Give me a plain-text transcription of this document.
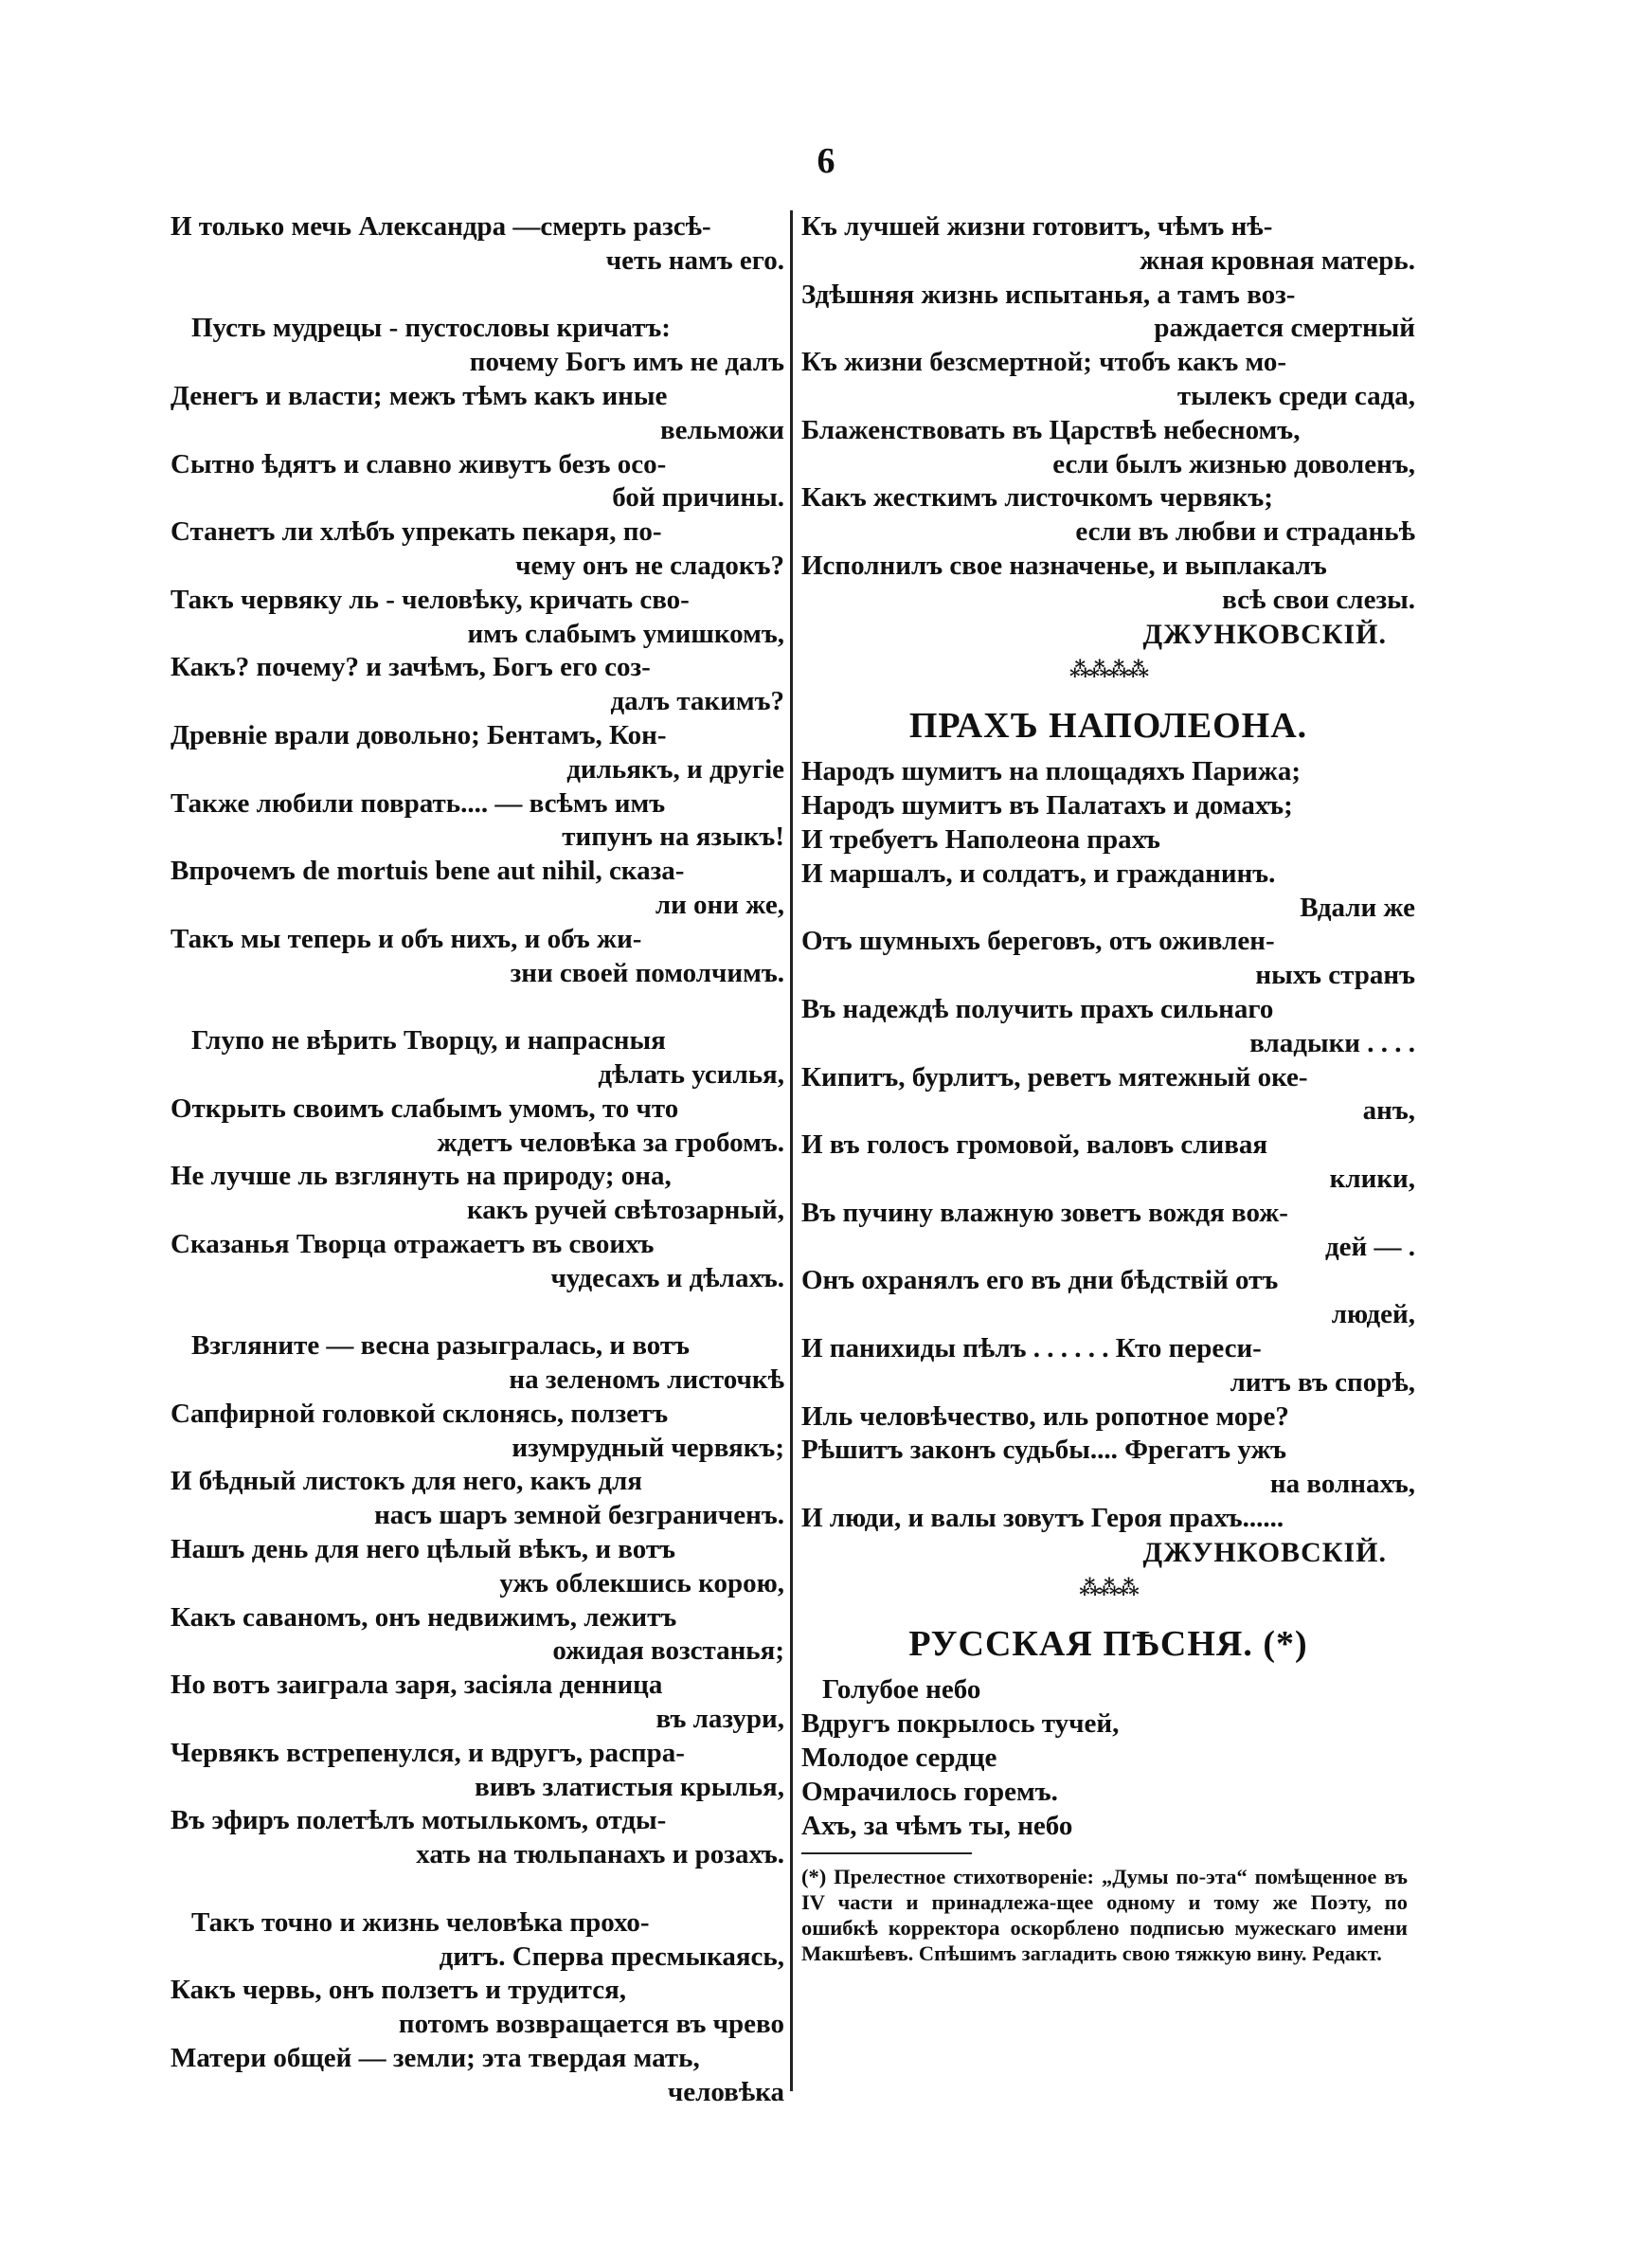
6
И только мечь Александра —смерть разсѣ-
четь намъ его.
Пусть мудрецы - пустословы кричатъ:
почему Богъ имъ не далъ
Денегъ и власти; межъ тѣмъ какъ иные
вельможи
Сытно ѣдятъ и славно живутъ безъ осо-
бой причины.
Станетъ ли хлѣбъ упрекать пекаря, по-
чему онъ не сладокъ?
Такъ червяку ль - человѣку, кричать сво-
имъ слабымъ умишкомъ,
Какъ? почему? и зачѣмъ, Богъ его соз-
далъ такимъ?
Древніе врали довольно; Бентамъ, Кон-
дильякъ, и другіе
Также любили поврать.... — всѣмъ имъ
типунъ на языкъ!
Впрочемъ de mortuis bene aut nihil, сказа-
ли они же,
Такъ мы теперь и объ нихъ, и объ жи-
зни своей помолчимъ.
Глупо не вѣрить Творцу, и напрасныя
дѣлать усилья,
Открыть своимъ слабымъ умомъ, то что
ждетъ человѣка за гробомъ.
Не лучше ль взглянуть на природу; она,
какъ ручей свѣтозарный,
Сказанья Творца отражаетъ въ своихъ
чудесахъ и дѣлахъ.
Взгляните — весна разыгралась, и вотъ
на зеленомъ листочкѣ
Сапфирной головкой склонясь, ползетъ
изумрудный червякъ;
И бѣдный листокъ для него, какъ для
насъ шаръ земной безграниченъ.
Нашъ день для него цѣлый вѣкъ, и вотъ
ужъ облекшись корою,
Какъ саваномъ, онъ недвижимъ, лежитъ
ожидая возстанья;
Но вотъ заиграла заря, засіяла денница
въ лазури,
Червякъ встрепенулся, и вдругъ, распра-
вивъ златистыя крылья,
Въ эфиръ полетѣлъ мотылькомъ, отды-
хать на тюльпанахъ и розахъ.
Такъ точно и жизнь человѣка прохо-
дитъ. Сперва пресмыкаясь,
Какъ червь, онъ ползетъ и трудится,
потомъ возвращается въ чрево
Матери общей — земли; эта твердая мать,
человѣка
Къ лучшей жизни готовитъ, чѣмъ нѣ-
жная кровная матерь.
Здѣшняя жизнь испытанья, а тамъ воз-
раждается смертный
Къ жизни безсмертной; чтобъ какъ мо-
тылекъ среди сада,
Блаженствовать въ Царствѣ небесномъ,
если былъ жизнью доволенъ,
Какъ жесткимъ листочкомъ червякъ;
если въ любви и страданьѣ
Исполнилъ свое назначенье, и выплакалъ
всѣ свои слезы.
ДЖУНКОВСКІЙ.
⁂⁂⁂⁂
ПРАХЪ НАПОЛЕОНА.
Народъ шумитъ на площадяхъ Парижа;
Народъ шумитъ въ Палатахъ и домахъ;
И требуетъ Наполеона прахъ
И маршалъ, и солдатъ, и гражданинъ.
Вдали же
Отъ шумныхъ береговъ, отъ оживлен-
ныхъ странъ
Въ надеждѣ получить прахъ сильнаго
владыки . . . .
Кипитъ, бурлитъ, реветъ мятежный оке-
анъ,
И въ голосъ громовой, валовъ сливая
клики,
Въ пучину влажную зоветъ вождя вож-
дей — .
Онъ охранялъ его въ дни бѣдствій отъ
людей,
И панихиды пѣлъ . . . . . . Кто переси-
литъ въ спорѣ,
Иль человѣчество, иль ропотное море?
Рѣшитъ законъ судьбы.... Фрегатъ ужъ
на волнахъ,
И люди, и валы зовутъ Героя прахъ......
ДЖУНКОВСКІЙ.
⁂⁂⁂
РУССКАЯ ПѢСНЯ. (*)
Голубое небо
Вдругъ покрылось тучей,
Молодое сердце
Омрачилось горемъ.
Ахъ, за чѣмъ ты, небо
(*) Прелестное стихотвореніе: „Думы по-эта“ помѣщенное въ IV части и принадлежа-щее одному и тому же Поэту, по ошибкѣ корректора оскорблено подписью мужескаго имени Макшѣевъ. Спѣшимъ загладить свою тяжкую вину. Редакт.
